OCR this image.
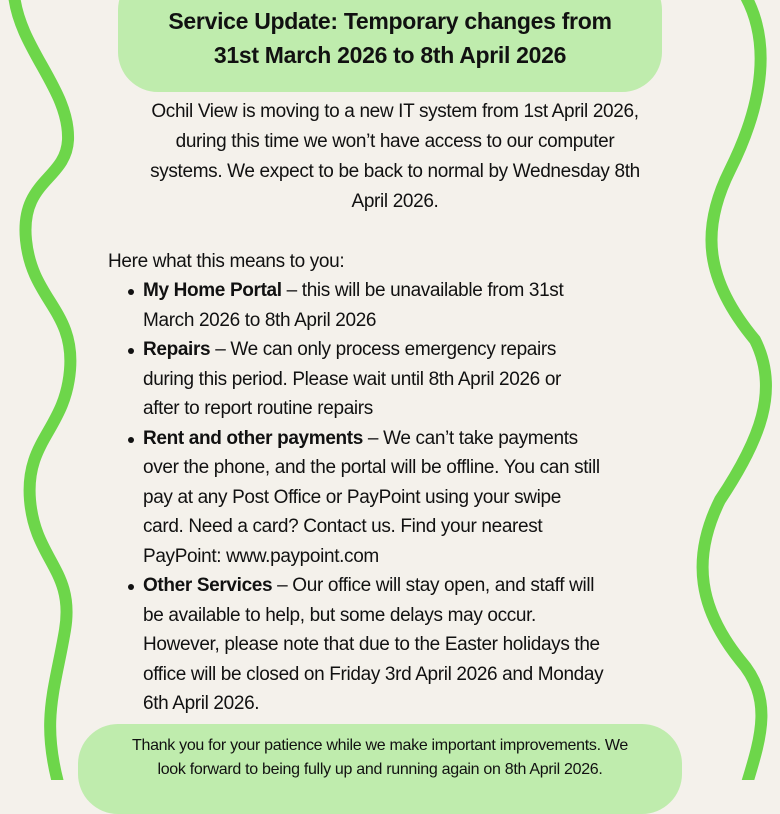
Service Update: Temporary changes from
31st March 2026 to 8th April 2026
Ochil View is moving to a new IT system from 1st April 2026,
during this time we won’t have access to our computer
systems. We expect to be back to normal by Wednesday 8th
April 2026.
Here what this means to you:
My Home Portal – this will be unavailable from 31st
March 2026 to 8th April 2026
Repairs – We can only process emergency repairs
during this period. Please wait until 8th April 2026 or
after to report routine repairs
Rent and other payments – We can’t take payments
over the phone, and the portal will be offline. You can still
pay at any Post Office or PayPoint using your swipe
card. Need a card? Contact us. Find your nearest
PayPoint: www.paypoint.com
Other Services – Our office will stay open, and staff will
be available to help, but some delays may occur.
However, please note that due to the Easter holidays the
office will be closed on Friday 3rd April 2026 and Monday
6th April 2026.
Thank you for your patience while we make important improvements. We
look forward to being fully up and running again on 8th April 2026.
